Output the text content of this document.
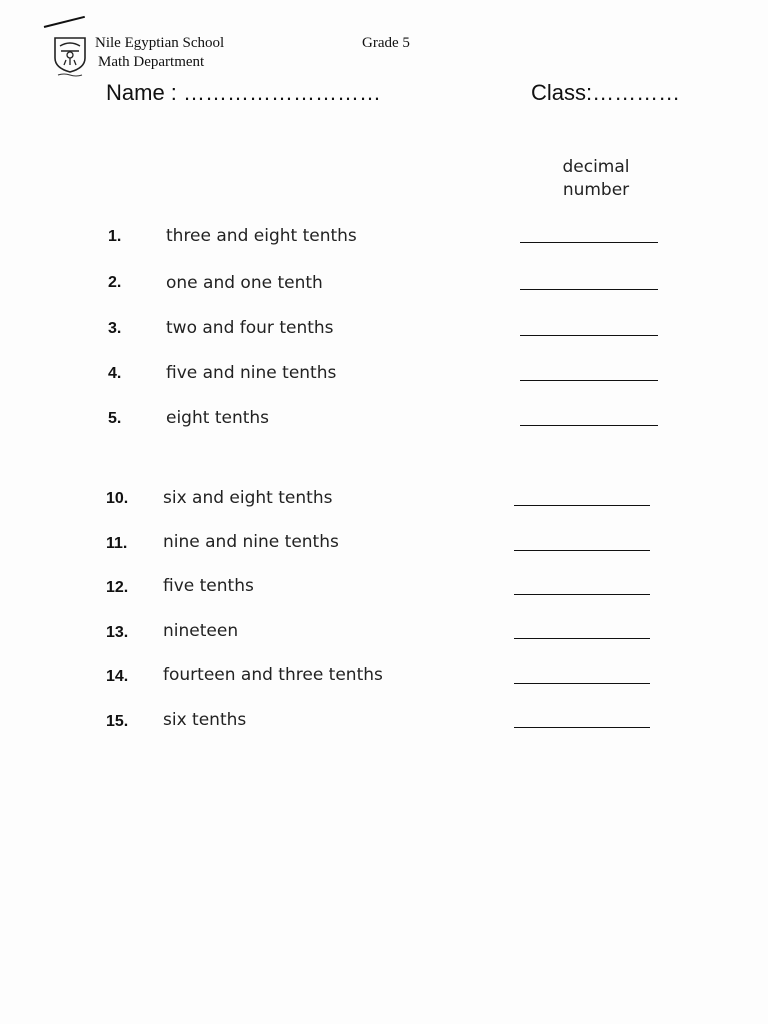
Nile Egyptian School
Math Department
Grade 5
Name : ………………………	Class:…………
decimal
number
1.	three and eight tenths
2.	one and one tenth
3.	two and four tenths
4.	five and nine tenths
5.	eight tenths
10. six and eight tenths
11. nine and nine tenths
12. five tenths
13. nineteen
14. fourteen and three tenths
15. six tenths
